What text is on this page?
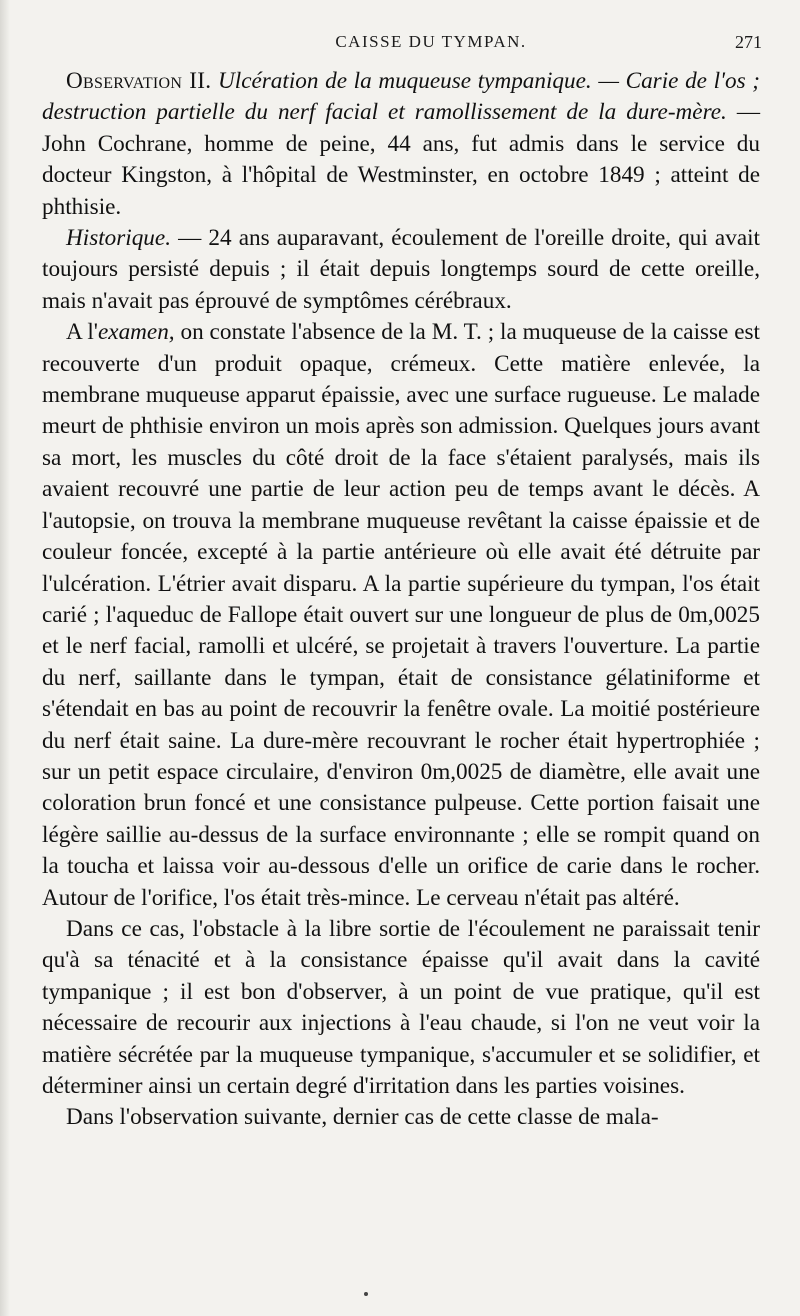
CAISSE DU TYMPAN.	271

Observation II. Ulcération de la muqueuse tympanique. — Carie de l'os ; destruction partielle du nerf facial et ramollissement de la dure-mère. — John Cochrane, homme de peine, 44 ans, fut admis dans le service du docteur Kingston, à l'hôpital de Westminster, en octobre 1849 ; atteint de phthisie.

Historique. — 24 ans auparavant, écoulement de l'oreille droite, qui avait toujours persisté depuis ; il était depuis longtemps sourd de cette oreille, mais n'avait pas éprouvé de symptômes cérébraux.

A l'examen, on constate l'absence de la M. T. ; la muqueuse de la caisse est recouverte d'un produit opaque, crémeux. Cette matière enlevée, la membrane muqueuse apparut épaissie, avec une surface rugueuse. Le malade meurt de phthisie environ un mois après son admission. Quelques jours avant sa mort, les muscles du côté droit de la face s'étaient paralysés, mais ils avaient recouvré une partie de leur action peu de temps avant le décès. A l'autopsie, on trouva la membrane muqueuse revêtant la caisse épaissie et de couleur foncée, excepté à la partie antérieure où elle avait été détruite par l'ulcération. L'étrier avait disparu. A la partie supérieure du tympan, l'os était carié ; l'aqueduc de Fallope était ouvert sur une longueur de plus de 0m,0025 et le nerf facial, ramolli et ulcéré, se projetait à travers l'ouverture. La partie du nerf, saillante dans le tympan, était de consistance gélatiniforme et s'étendait en bas au point de recouvrir la fenêtre ovale. La moitié postérieure du nerf était saine. La dure-mère recouvrant le rocher était hypertrophiée ; sur un petit espace circulaire, d'environ 0m,0025 de diamètre, elle avait une coloration brun foncé et une consistance pulpeuse. Cette portion faisait une légère saillie au-dessus de la surface environnante ; elle se rompit quand on la toucha et laissa voir au-dessous d'elle un orifice de carie dans le rocher. Autour de l'orifice, l'os était très-mince. Le cerveau n'était pas altéré.

Dans ce cas, l'obstacle à la libre sortie de l'écoulement ne paraissait tenir qu'à sa ténacité et à la consistance épaisse qu'il avait dans la cavité tympanique ; il est bon d'observer, à un point de vue pratique, qu'il est nécessaire de recourir aux injections à l'eau chaude, si l'on ne veut voir la matière sécrétée par la muqueuse tympanique, s'accumuler et se solidifier, et déterminer ainsi un certain degré d'irritation dans les parties voisines.

Dans l'observation suivante, dernier cas de cette classe de mala-
